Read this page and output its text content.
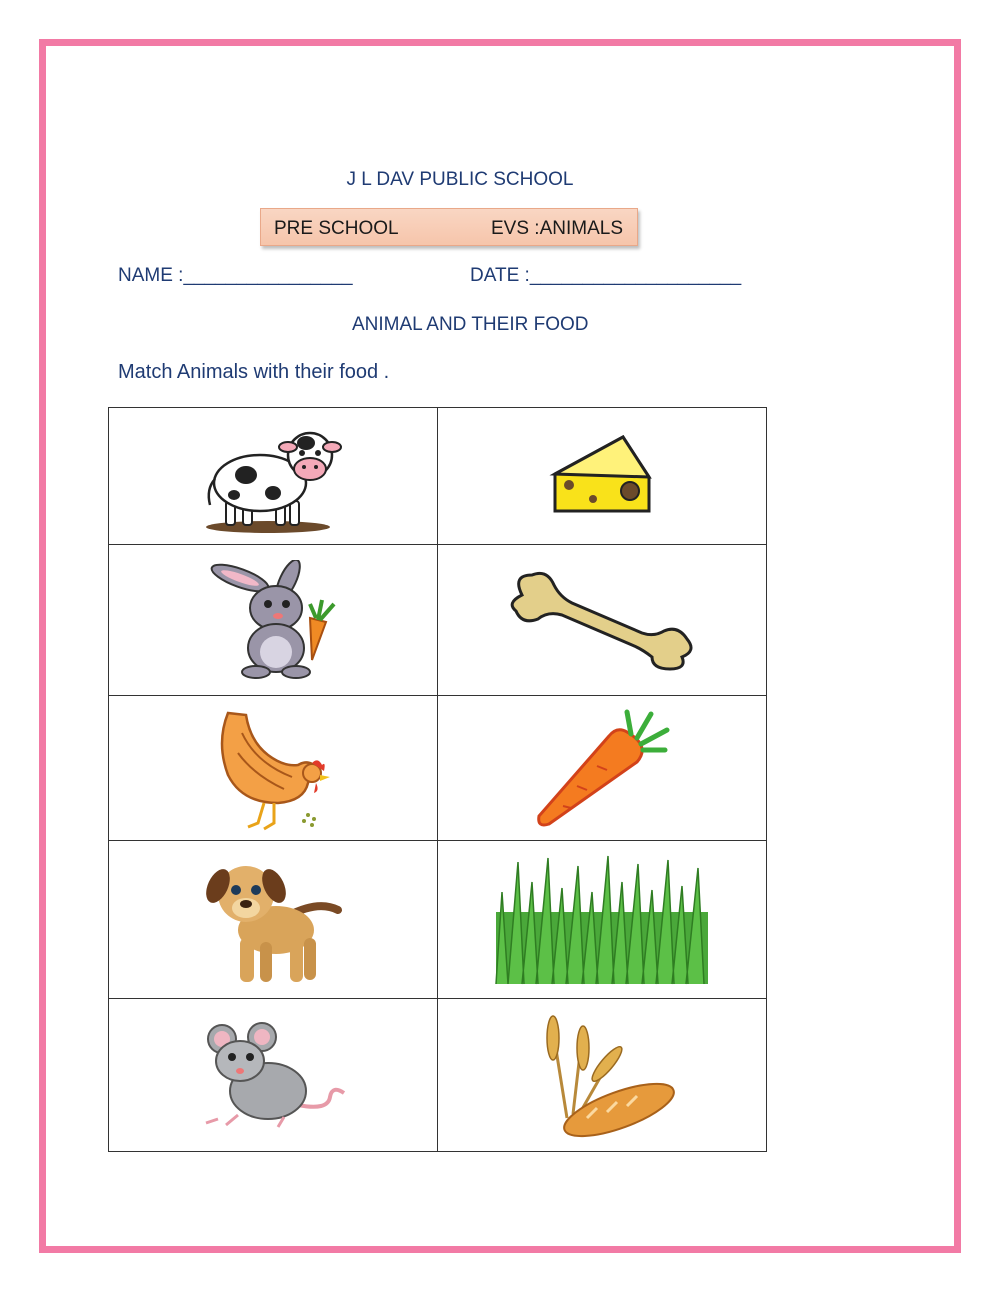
J L DAV PUBLIC SCHOOL
PRE SCHOOL	EVS :ANIMALS
NAME :________________	DATE :____________________
ANIMAL AND THEIR FOOD
Match Animals with their food .
